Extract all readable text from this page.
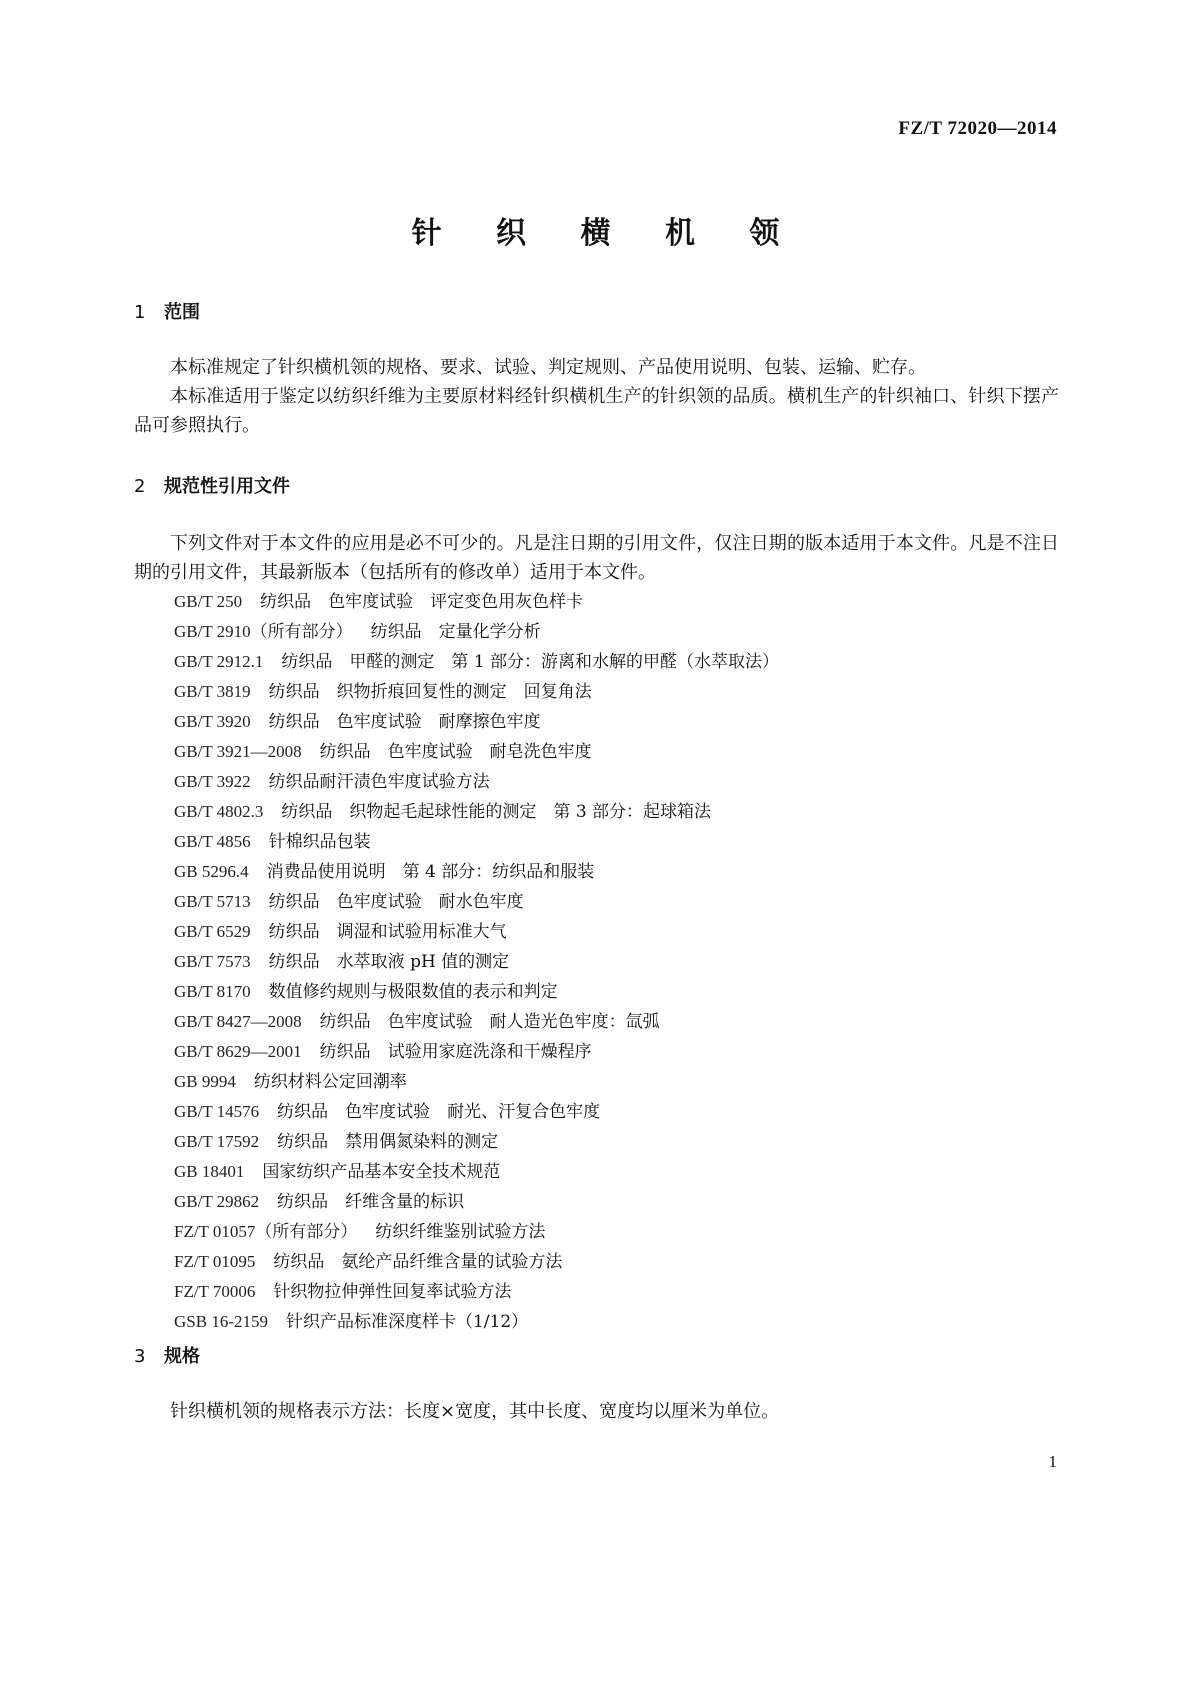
FZ/T 72020—2014
针 织 横 机 领
1 范围

本标准规定了针织横机领的规格、要求、试验、判定规则、产品使用说明、包装、运输、贮存。

本标准适用于鉴定以纺织纤维为主要原材料经针织横机生产的针织领的品质。横机生产的针织袖口、针织下摆产品可参照执行。

2 规范性引用文件

下列文件对于本文件的应用是必不可少的。凡是注日期的引用文件，仅注日期的版本适用于本文件。凡是不注日期的引用文件，其最新版本（包括所有的修改单）适用于本文件。

GB/T 250 纺织品　色牢度试验　评定变色用灰色样卡
GB/T 2910（所有部分） 纺织品　定量化学分析
GB/T 2912.1 纺织品　甲醛的测定　第 1 部分：游离和水解的甲醛（水萃取法）
GB/T 3819 纺织品　织物折痕回复性的测定　回复角法
GB/T 3920 纺织品　色牢度试验　耐摩擦色牢度
GB/T 3921—2008 纺织品　色牢度试验　耐皂洗色牢度
GB/T 3922 纺织品耐汗渍色牢度试验方法
GB/T 4802.3 纺织品　织物起毛起球性能的测定　第 3 部分：起球箱法
GB/T 4856 针棉织品包装
GB 5296.4 消费品使用说明　第 4 部分：纺织品和服装
GB/T 5713 纺织品　色牢度试验　耐水色牢度
GB/T 6529 纺织品　调湿和试验用标准大气
GB/T 7573 纺织品　水萃取液 pH 值的测定
GB/T 8170 数值修约规则与极限数值的表示和判定
GB/T 8427—2008 纺织品　色牢度试验　耐人造光色牢度：氙弧
GB/T 8629—2001 纺织品　试验用家庭洗涤和干燥程序
GB 9994 纺织材料公定回潮率
GB/T 14576 纺织品　色牢度试验　耐光、汗复合色牢度
GB/T 17592 纺织品　禁用偶氮染料的测定
GB 18401 国家纺织产品基本安全技术规范
GB/T 29862 纺织品　纤维含量的标识
FZ/T 01057（所有部分） 纺织纤维鉴别试验方法
FZ/T 01095 纺织品　氨纶产品纤维含量的试验方法
FZ/T 70006 针织物拉伸弹性回复率试验方法
GSB 16-2159 针织产品标准深度样卡（1/12）
3 规格

针织横机领的规格表示方法：长度×宽度，其中长度、宽度均以厘米为单位。

1
